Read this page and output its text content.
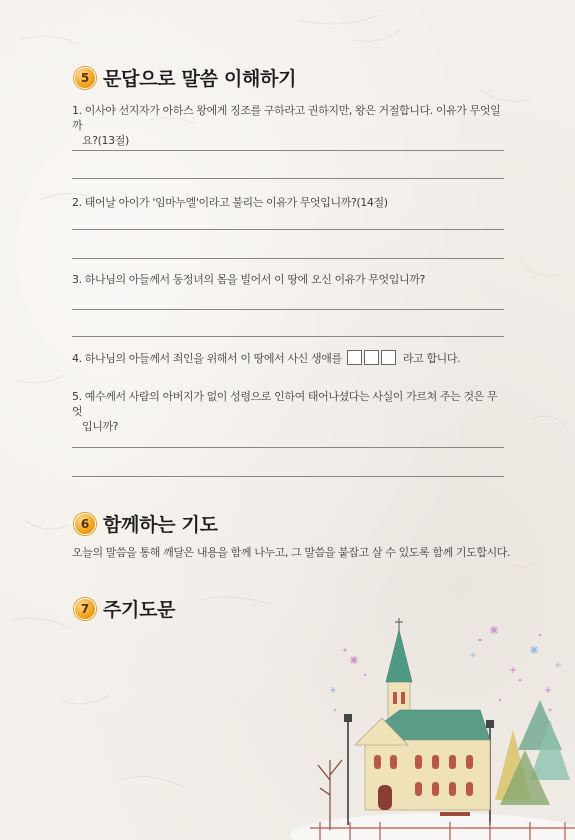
5 문답으로 말씀 이해하기
1. 이사야 선지자가 아하스 왕에게 징조를 구하라고 권하지만, 왕은 거절합니다. 이유가 무엇일까
요?(13절)
2. 태어날 아이가 '임마누엘'이라고 불리는 이유가 무엇입니까?(14절)
3. 하나님의 아들께서 동정녀의 몸을 빌어서 이 땅에 오신 이유가 무엇입니까?
4. 하나님의 아들께서 죄인을 위해서 이 땅에서 사신 생애를	라고 합니다.
5. 예수께서 사람의 아버지가 없이 성령으로 인하여 태어나셨다는 사실이 가르쳐 주는 것은 무엇
입니까?
6 함께하는 기도
오늘의 말씀을 통해 깨달은 내용을 함께 나누고, 그 말씀을 붙잡고 살 수 있도록 함께 기도합시다.
7 주기도문
